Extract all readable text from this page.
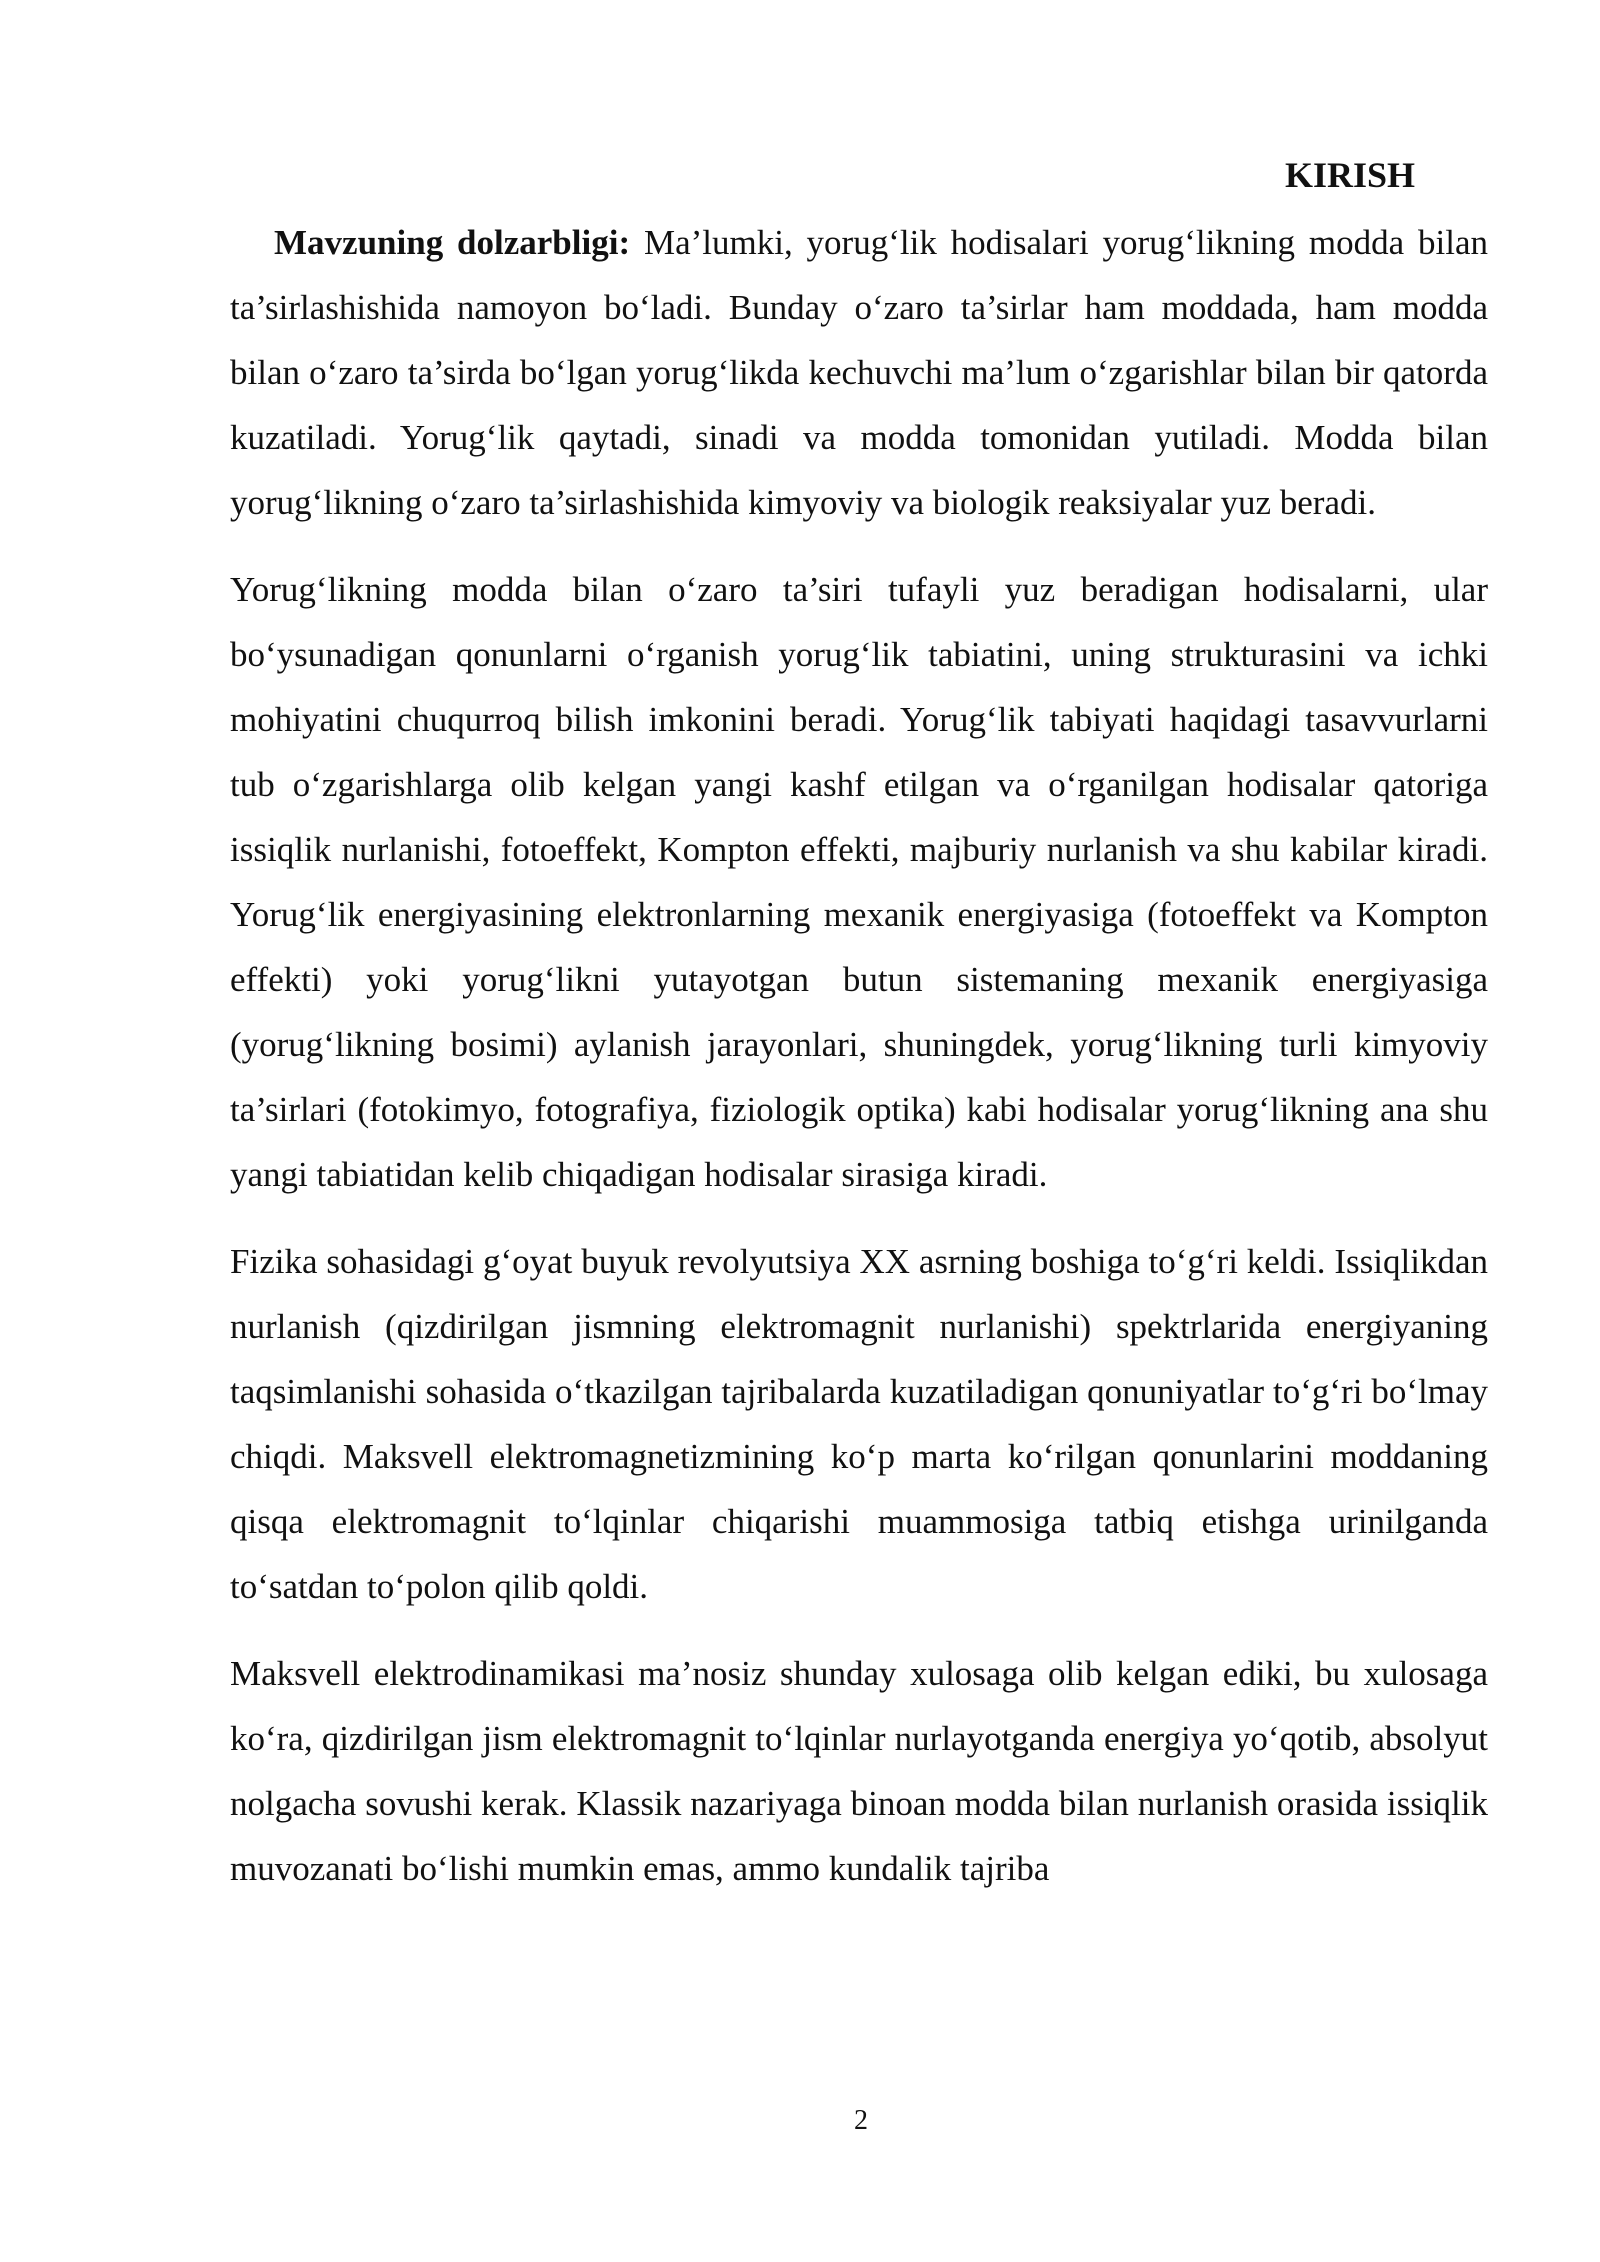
KIRISH

Mavzuning dolzarbligi: Ma’lumki, yorug‘lik hodisalari yorug‘likning modda bilan ta’sirlashishida namoyon bo‘ladi. Bunday o‘zaro ta’sirlar ham moddada, ham modda bilan o‘zaro ta’sirda bo‘lgan yorug‘likda kechuvchi ma’lum o‘zgarishlar bilan bir qatorda kuzatiladi. Yorug‘lik qaytadi, sinadi va modda tomonidan yutiladi. Modda bilan yorug‘likning o‘zaro ta’sirlashishida kimyoviy va biologik reaksiyalar yuz beradi.

Yorug‘likning modda bilan o‘zaro ta’siri tufayli yuz beradigan hodisalarni, ular bo‘ysunadigan qonunlarni o‘rganish yorug‘lik tabiatini, uning strukturasini va ichki mohiyatini chuqurroq bilish imkonini beradi. Yorug‘lik tabiyati haqidagi tasavvurlarni tub o‘zgarishlarga olib kelgan yangi kashf etilgan va o‘rganilgan hodisalar qatoriga issiqlik nurlanishi, fotoeffekt, Kompton effekti, majburiy nurlanish va shu kabilar kiradi. Yorug‘lik energiyasining elektronlarning mexanik energiyasiga (fotoeffekt va Kompton effekti) yoki yorug‘likni yutayotgan butun sistemaning mexanik energiyasiga (yorug‘likning bosimi) aylanish jarayonlari, shuningdek, yorug‘likning turli kimyoviy ta’sirlari (fotokimyo, fotografiya, fiziologik optika) kabi hodisalar yorug‘likning ana shu yangi tabiatidan kelib chiqadigan hodisalar sirasiga kiradi.

Fizika sohasidagi g‘oyat buyuk revolyutsiya XX asrning boshiga to‘g‘ri keldi. Issiqlikdan nurlanish (qizdirilgan jismning elektromagnit nurlanishi) spektrlarida energiyaning taqsimlanishi sohasida o‘tkazilgan tajribalarda kuzatiladigan qonuniyatlar to‘g‘ri bo‘lmay chiqdi. Maksvell elektromagnetizmining ko‘p marta ko‘rilgan qonunlarini moddaning qisqa elektromagnit to‘lqinlar chiqarishi muammosiga tatbiq etishga urinilganda to‘satdan to‘polon qilib qoldi.

Maksvell elektrodinamikasi ma’nosiz shunday xulosaga olib kelgan ediki, bu xulosaga ko‘ra, qizdirilgan jism elektromagnit to‘lqinlar nurlayotganda energiya yo‘qotib, absolyut nolgacha sovushi kerak. Klassik nazariyaga binoan modda bilan nurlanish orasida issiqlik muvozanati bo‘lishi mumkin emas, ammo kundalik tajriba

2
